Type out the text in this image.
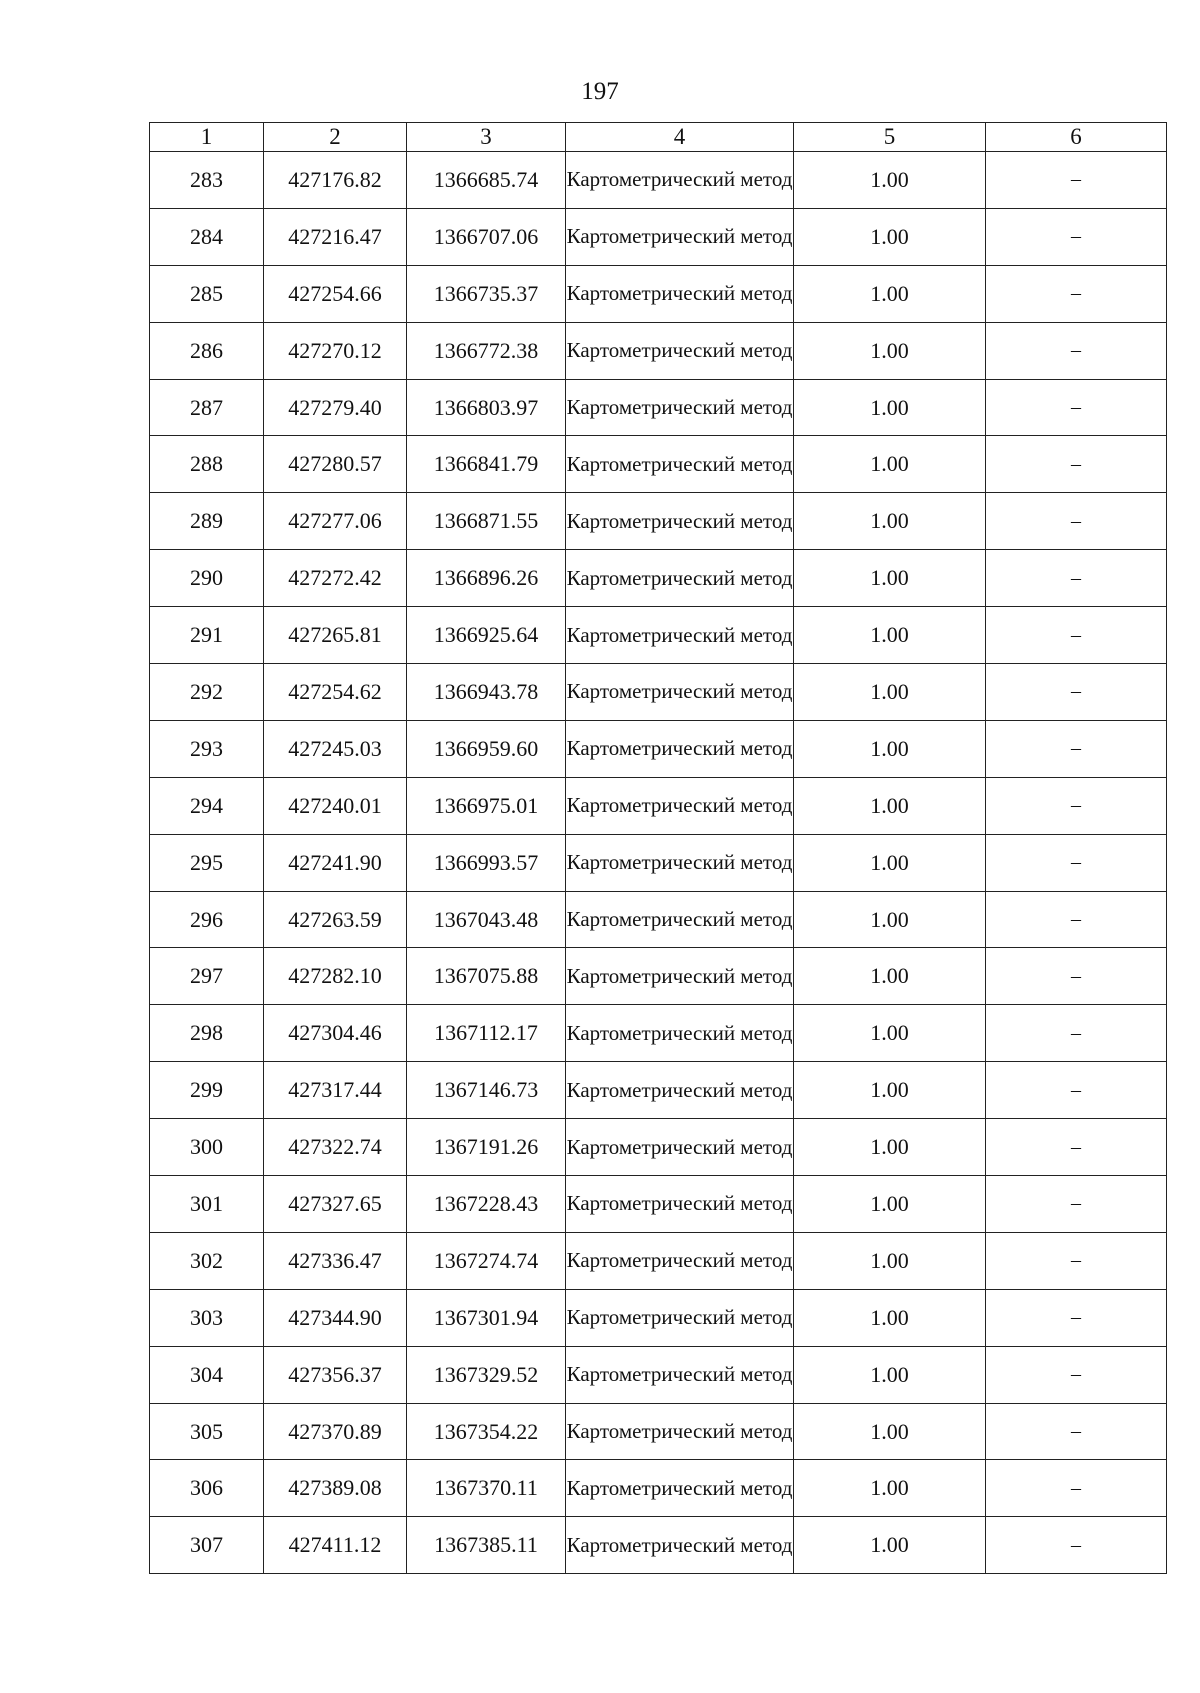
197
1	2	3	4	5	6
283	427176.82	1366685.74	Картометрический метод	1.00	–
284	427216.47	1366707.06	Картометрический метод	1.00	–
285	427254.66	1366735.37	Картометрический метод	1.00	–
286	427270.12	1366772.38	Картометрический метод	1.00	–
287	427279.40	1366803.97	Картометрический метод	1.00	–
288	427280.57	1366841.79	Картометрический метод	1.00	–
289	427277.06	1366871.55	Картометрический метод	1.00	–
290	427272.42	1366896.26	Картометрический метод	1.00	–
291	427265.81	1366925.64	Картометрический метод	1.00	–
292	427254.62	1366943.78	Картометрический метод	1.00	–
293	427245.03	1366959.60	Картометрический метод	1.00	–
294	427240.01	1366975.01	Картометрический метод	1.00	–
295	427241.90	1366993.57	Картометрический метод	1.00	–
296	427263.59	1367043.48	Картометрический метод	1.00	–
297	427282.10	1367075.88	Картометрический метод	1.00	–
298	427304.46	1367112.17	Картометрический метод	1.00	–
299	427317.44	1367146.73	Картометрический метод	1.00	–
300	427322.74	1367191.26	Картометрический метод	1.00	–
301	427327.65	1367228.43	Картометрический метод	1.00	–
302	427336.47	1367274.74	Картометрический метод	1.00	–
303	427344.90	1367301.94	Картометрический метод	1.00	–
304	427356.37	1367329.52	Картометрический метод	1.00	–
305	427370.89	1367354.22	Картометрический метод	1.00	–
306	427389.08	1367370.11	Картометрический метод	1.00	–
307	427411.12	1367385.11	Картометрический метод	1.00	–
